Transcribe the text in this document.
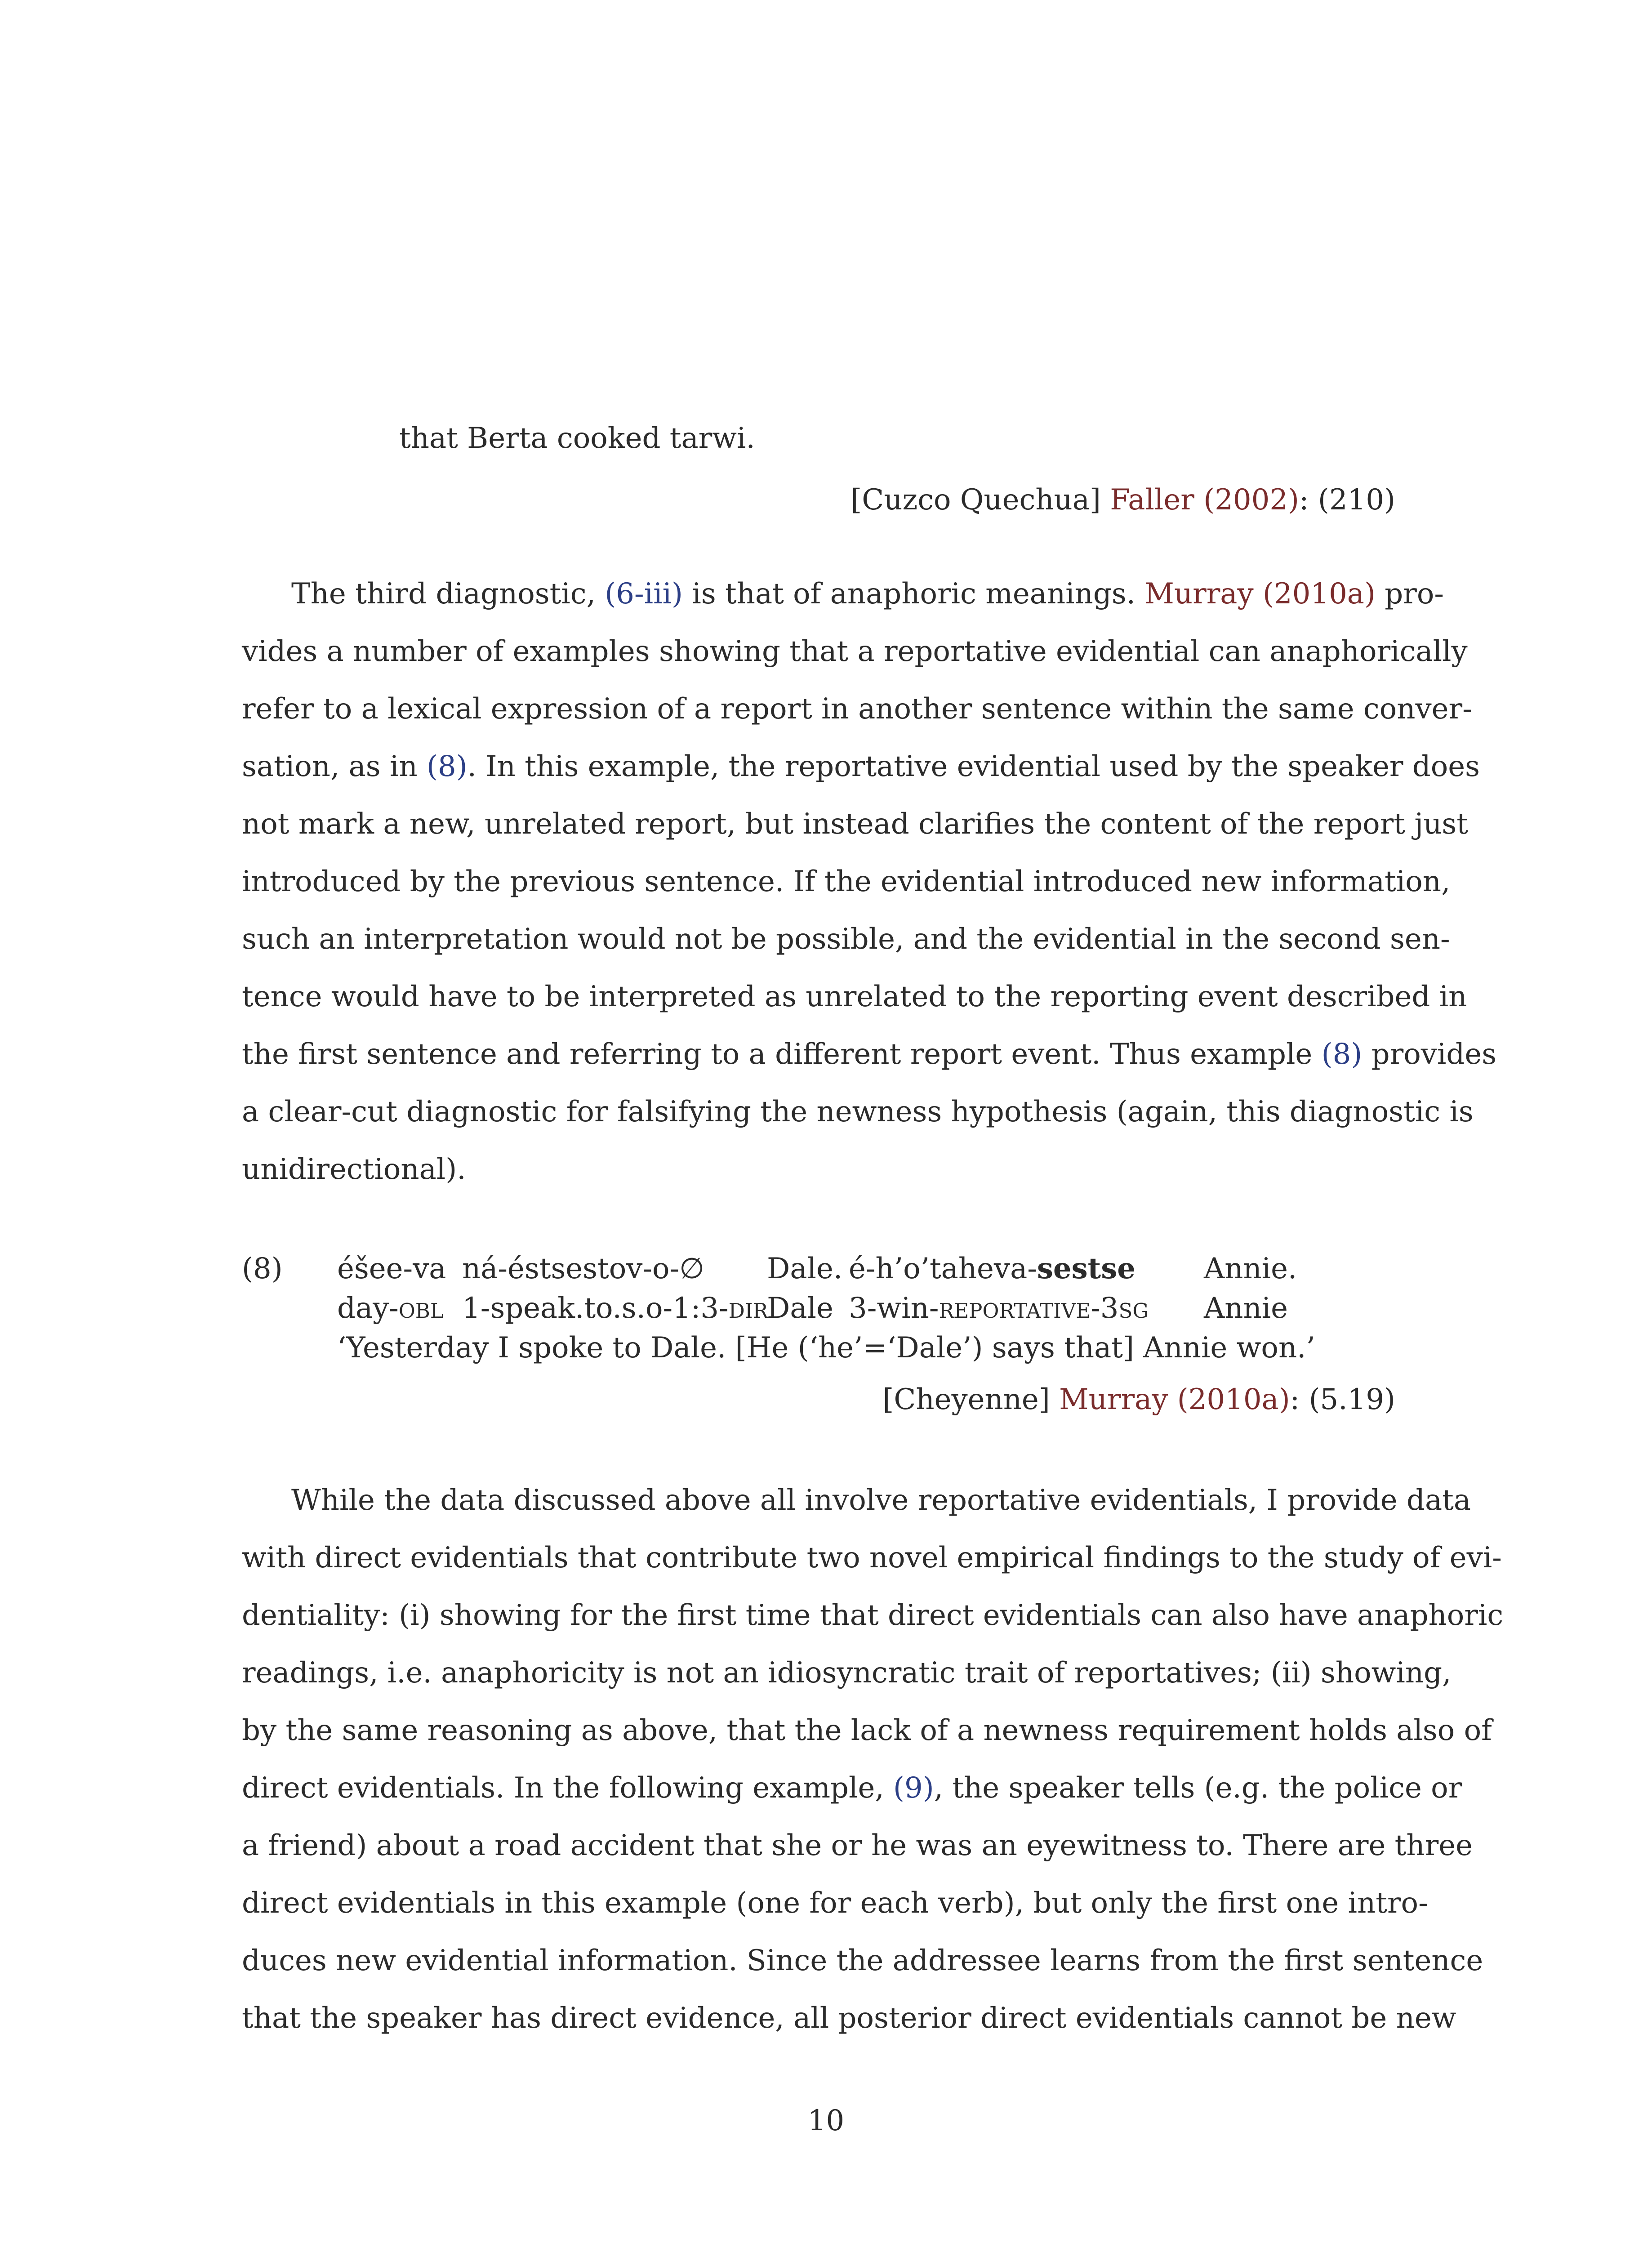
that Berta cooked tarwi.
[Cuzco Quechua] Faller (2002): (210)
The third diagnostic, (6-iii) is that of anaphoric meanings. Murray (2010a) pro-
vides a number of examples showing that a reportative evidential can anaphorically
refer to a lexical expression of a report in another sentence within the same conver-
sation, as in (8). In this example, the reportative evidential used by the speaker does
not mark a new, unrelated report, but instead clarifies the content of the report just
introduced by the previous sentence. If the evidential introduced new information,
such an interpretation would not be possible, and the evidential in the second sen-
tence would have to be interpreted as unrelated to the reporting event described in
the first sentence and referring to a different report event. Thus example (8) provides
a clear-cut diagnostic for falsifying the newness hypothesis (again, this diagnostic is
unidirectional).
(8) éšee-va ná-éstsestov-o-∅ Dale. é-h’o’taheva-sestse Annie.
day-obl 1-speak.to.s.o-1:3-dir
Dale 3-win-reportative-3sg Annie
‘Yesterday I spoke to Dale. [He (‘he’=‘Dale’) says that] Annie won.’
[Cheyenne] Murray (2010a): (5.19)
While the data discussed above all involve reportative evidentials, I provide data
with direct evidentials that contribute two novel empirical findings to the study of evi-
dentiality: (i) showing for the first time that direct evidentials can also have anaphoric
readings, i.e. anaphoricity is not an idiosyncratic trait of reportatives; (ii) showing,
by the same reasoning as above, that the lack of a newness requirement holds also of
direct evidentials. In the following example, (9), the speaker tells (e.g. the police or
a friend) about a road accident that she or he was an eyewitness to. There are three
direct evidentials in this example (one for each verb), but only the first one intro-
duces new evidential information. Since the addressee learns from the first sentence
that the speaker has direct evidence, all posterior direct evidentials cannot be new
10
